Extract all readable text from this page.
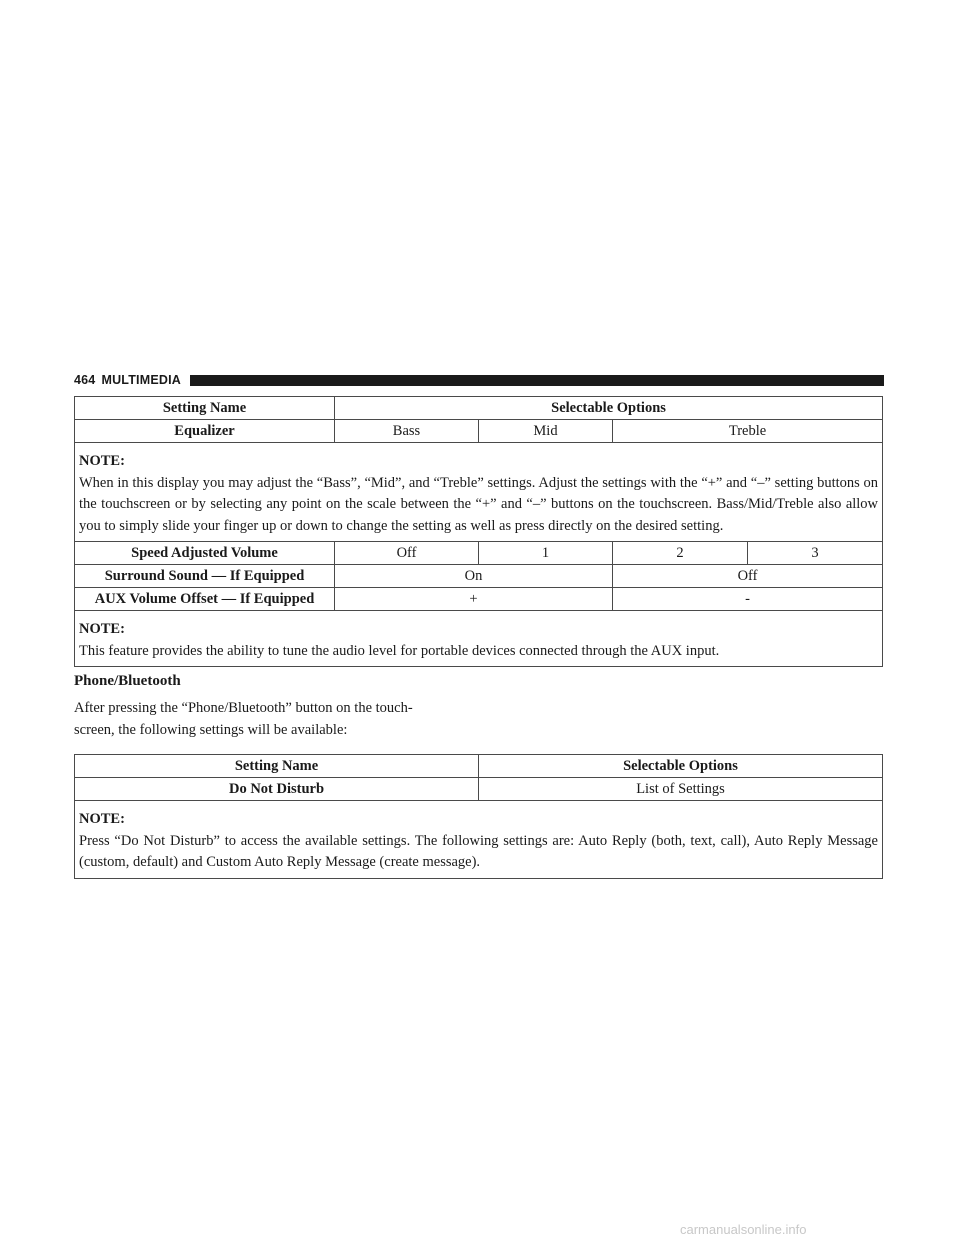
464 MULTIMEDIA
Setting Name	Selectable Options			
Equalizer	Bass	Mid	Treble	

NOTE:
When in this display you may adjust the “Bass”, “Mid”, and “Treble” settings. Adjust the settings with the “+” and “–” setting buttons on the touchscreen or by selecting any point on the scale between the “+” and “–” buttons on the touchscreen. Bass/Mid/Treble also allow you to simply slide your finger up or down to change the setting as well as press directly on the desired setting.				

Speed Adjusted Volume	Off	1	2	3
Surround Sound — If Equipped	On		Off	
AUX Volume Offset — If Equipped	+		-	

NOTE:
This feature provides the ability to tune the audio level for portable devices connected through the AUX input.				
Phone/Bluetooth
After pressing the “Phone/Bluetooth” button on the touch-
screen, the following settings will be available:
Setting Name	Selectable Options
Do Not Disturb	List of Settings

NOTE:
Press “Do Not Disturb” to access the available settings. The following settings are: Auto Reply (both, text, call), Auto Reply Message (custom, default) and Custom Auto Reply Message (create message).	
carmanualsonline.info
